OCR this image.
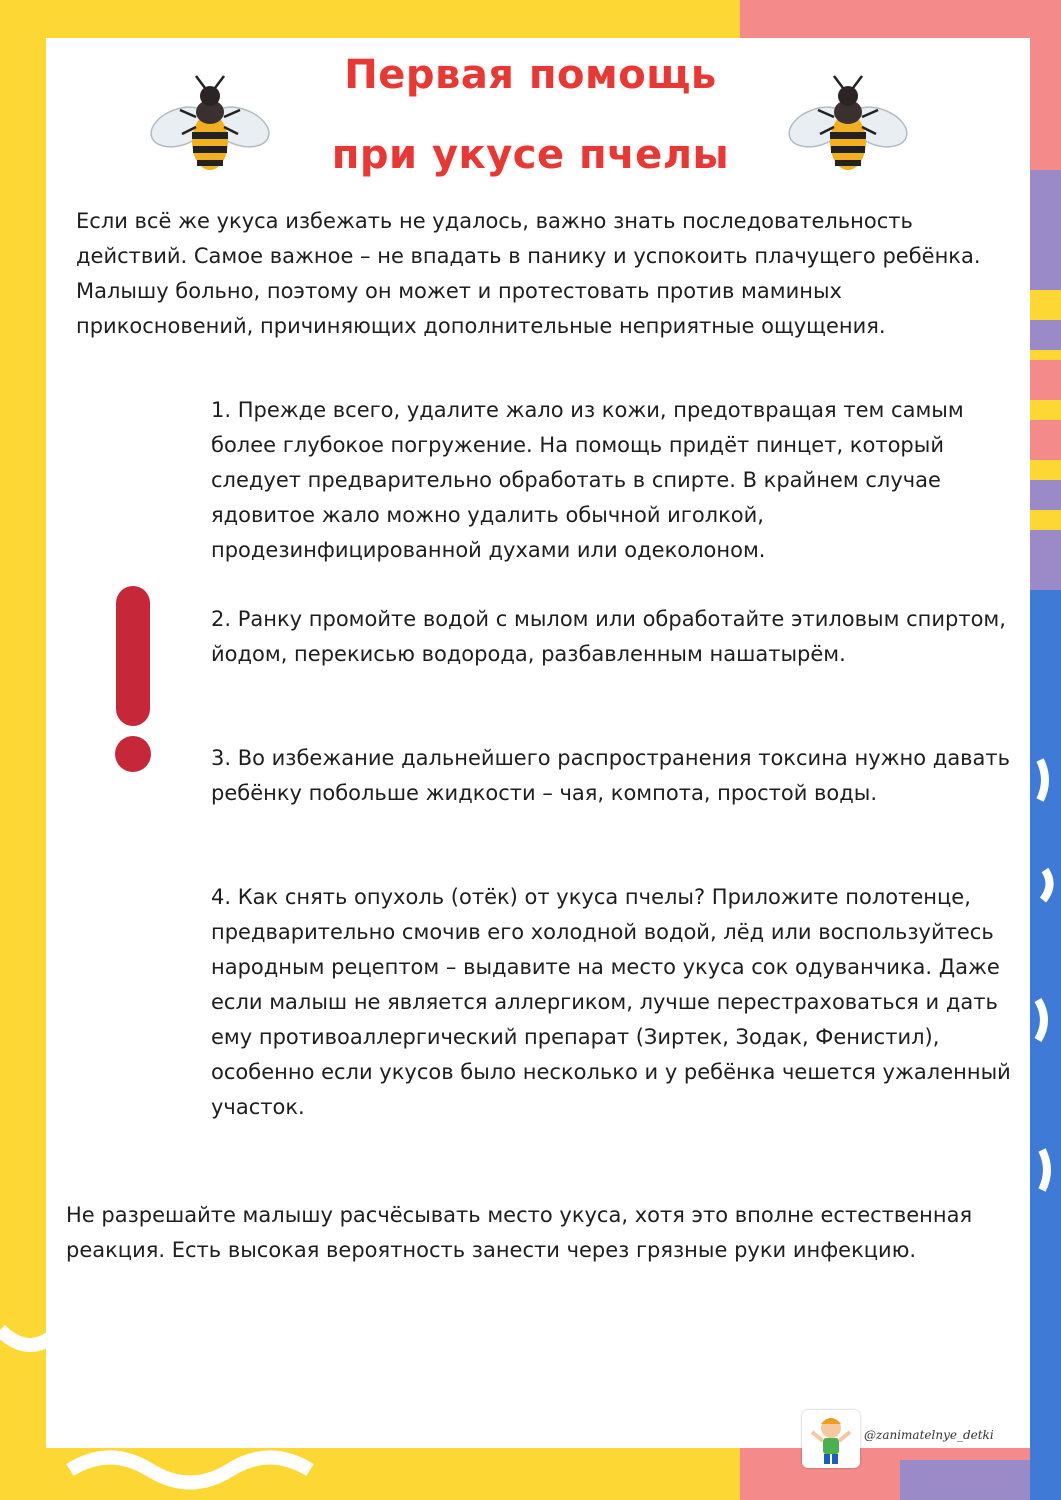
Первая помощь
при укусе пчелы
Если всё же укуса избежать не удалось, важно знать последовательность действий. Самое важное – не впадать в панику и успокоить плачущего ребёнка. Малышу больно, поэтому он может и протестовать против маминых прикосновений, причиняющих дополнительные неприятные ощущения.
1. Прежде всего, удалите жало из кожи, предотвращая тем самым более глубокое погружение. На помощь придёт пинцет, который следует предварительно обработать в спирте. В крайнем случае ядовитое жало можно удалить обычной иголкой, продезинфицированной духами или одеколоном.
2. Ранку промойте водой с мылом или обработайте этиловым спиртом, йодом, перекисью водорода, разбавленным нашатырём.
3. Во избежание дальнейшего распространения токсина нужно давать ребёнку побольше жидкости – чая, компота, простой воды.
4. Как снять опухоль (отёк) от укуса пчелы? Приложите полотенце, предварительно смочив его холодной водой, лёд или воспользуйтесь народным рецептом – выдавите на место укуса сок одуванчика. Даже если малыш не является аллергиком, лучше перестраховаться и дать ему противоаллергический препарат (Зиртек, Зодак, Фенистил), особенно если укусов было несколько и у ребёнка чешется ужаленный участок.
Не разрешайте малышу расчёсывать место укуса, хотя это вполне естественная реакция. Есть высокая вероятность занести через грязные руки инфекцию.
@zanimatelnye_detki
